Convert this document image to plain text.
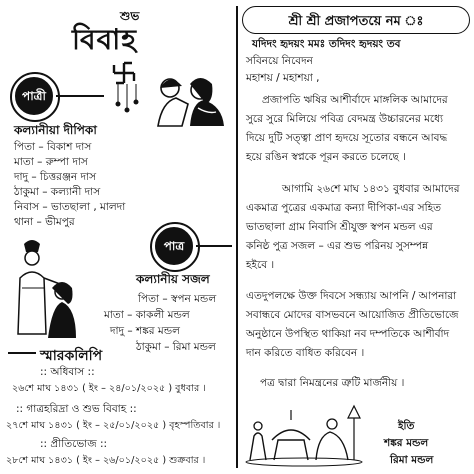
শুভ
বিবাহ
পাত্রী
কল্যানীয়া দীপিকা
পিতা – বিকাশ দাস
মাতা – রুম্পা দাস
দাদু – চিত্তরঞ্জন দাস
ঠাকুমা – কল্যানী দাস
নিবাস – ভাতছালা , মালদা
থানা – ভীমপুর
পাত্র
কল্যানীয় সজল
পিতা – স্বপন মন্ডল
মাতা – কাকলী মন্ডল
দাদু – শঙ্কর মন্ডল
ঠাকুমা – রিমা মন্ডল
স্মারকলিপি
:: অধিবাস ::
২৬শে মাঘ ১৪৩১ ( ইং – ২৪/০১/২০২৫ ) বুধবার ।
:: গাত্রহরিদ্রা ও শুভ বিবাহ ::
২৭শে মাঘ ১৪৩১ ( ইং – ২৫/০১/২০২৫ ) বৃহস্পতিবার ।
:: প্রীতিভোজ ::
২৮শে মাঘ ১৪৩১ ( ইং – ২৬/০১/২০২৫ ) শুক্রবার ।
শ্রী শ্রী প্রজাপতয়ে নম ঃ
যদিদং হৃদয়ং মমঃ তদিদং হৃদয়ং তব
সবিনয়ে নিবেদন
মহাশয় / মহাশয়া ,
প্রজাপতি ঋষির আশীর্বাদে মাঙ্গলিক আমাদের
সুরে সুরে মিলিয়ে পবিত্র বেদমন্ত্র উচ্চারনের মধ্যে
দিয়ে দুটি সত্ত্বা প্রাণ হৃদয়ে সূতোর বন্ধনে আবদ্ধ
হয়ে রঙিন স্বপ্নকে পূরন করতে চলেছে ।
আগামি ২৬শে মাঘ ১৪৩১ বুধবার আমাদের
একমাত্র পুত্রের একমাত্র কন্যা দীপিকা-এর সহিত
ভাতছালা গ্রাম নিবাসি শ্রীযুক্ত স্বপন মন্ডল এর
কনিষ্ঠ পুত্র সজল – এর শুভ পরিনয় সুসম্পন্ন
হইবে ।
এতদুপলক্ষে উক্ত দিবসে সন্ধ্যায় আপনি / আপনারা
সবান্ধবে মোদের বাসভবনে আয়োজিত প্রীতিভোজে
অনুষ্ঠানে উপস্থিত থাকিয়া নব দম্পতিকে আশীর্বাদ
দান করিতে বাধিত করিবেন ।
পত্র দ্বারা নিমন্ত্রনের ত্রুটি মার্জনীয় ।
ইতি
শঙ্কর মন্ডল
রিমা মন্ডল
